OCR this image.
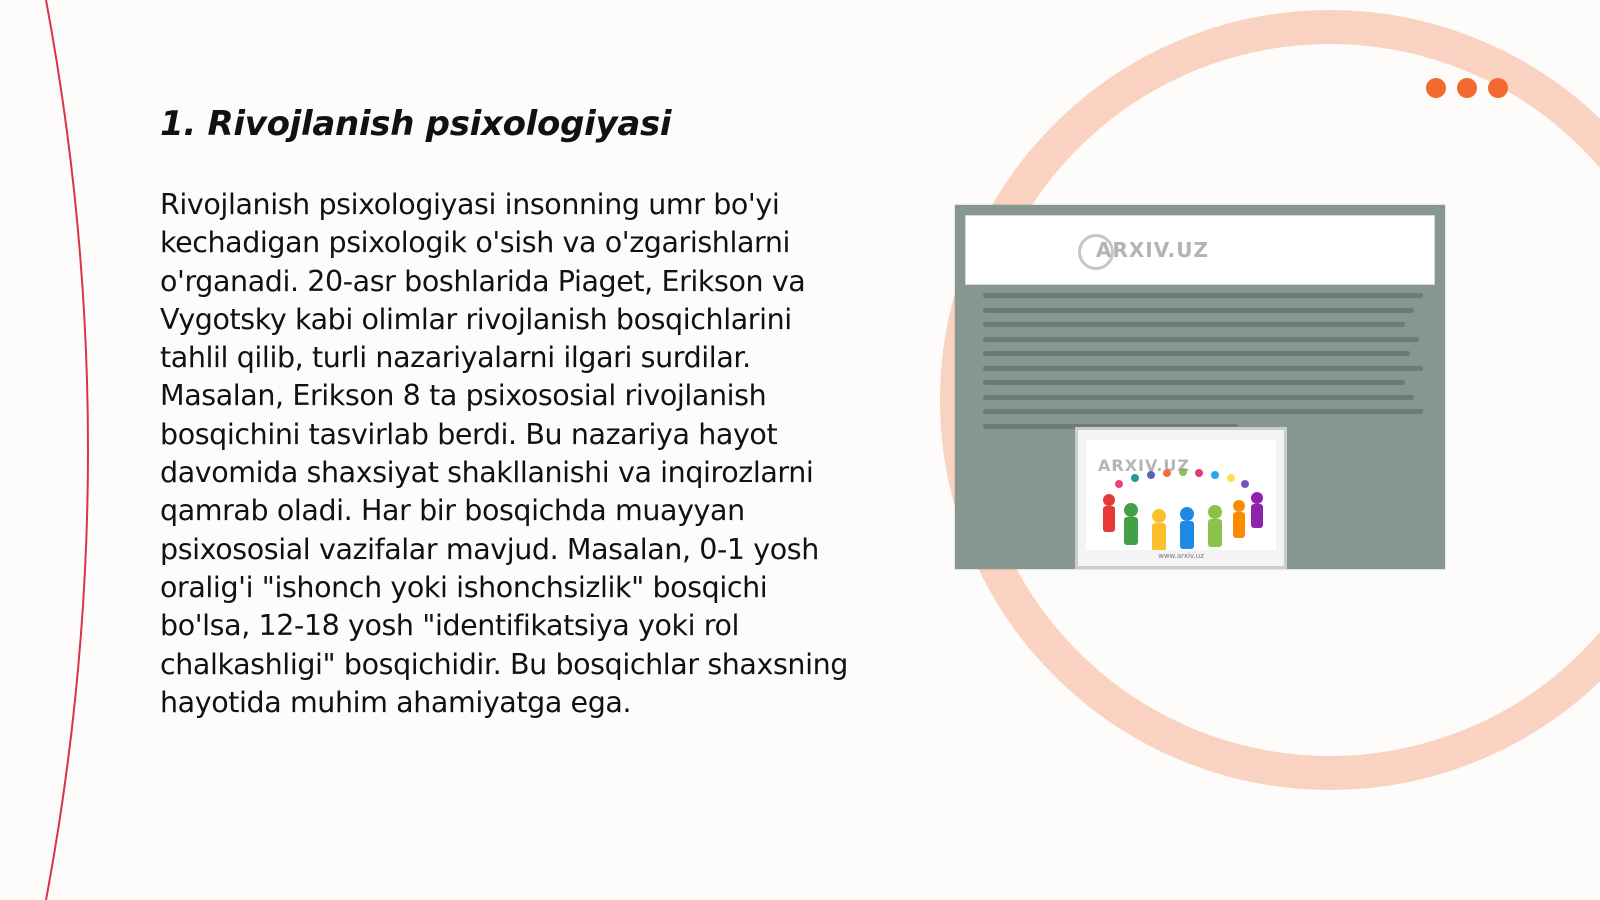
1. Rivojlanish psixologiyasi

Rivojlanish psixologiyasi insonning umr bo'yi kechadigan psixologik o'sish va o'zgarishlarni o'rganadi. 20-asr boshlarida Piaget, Erikson va Vygotsky kabi olimlar rivojlanish bosqichlarini tahlil qilib, turli nazariyalarni ilgari surdilar. Masalan, Erikson 8 ta psixososial rivojlanish bosqichini tasvirlab berdi. Bu nazariya hayot davomida shaxsiyat shakllanishi va inqirozlarni qamrab oladi. Har bir bosqichda muayyan psixososial vazifalar mavjud. Masalan, 0-1 yosh oralig'i "ishonch yoki ishonchsizlik" bosqichi bo'lsa, 12-18 yosh "identifikatsiya yoki rol chalkashligi" bosqichidir. Bu bosqichlar shaxsning hayotida muhim ahamiyatga ega.

ARXIV.UZ
ARXIV.UZ
www.arxiv.uz
